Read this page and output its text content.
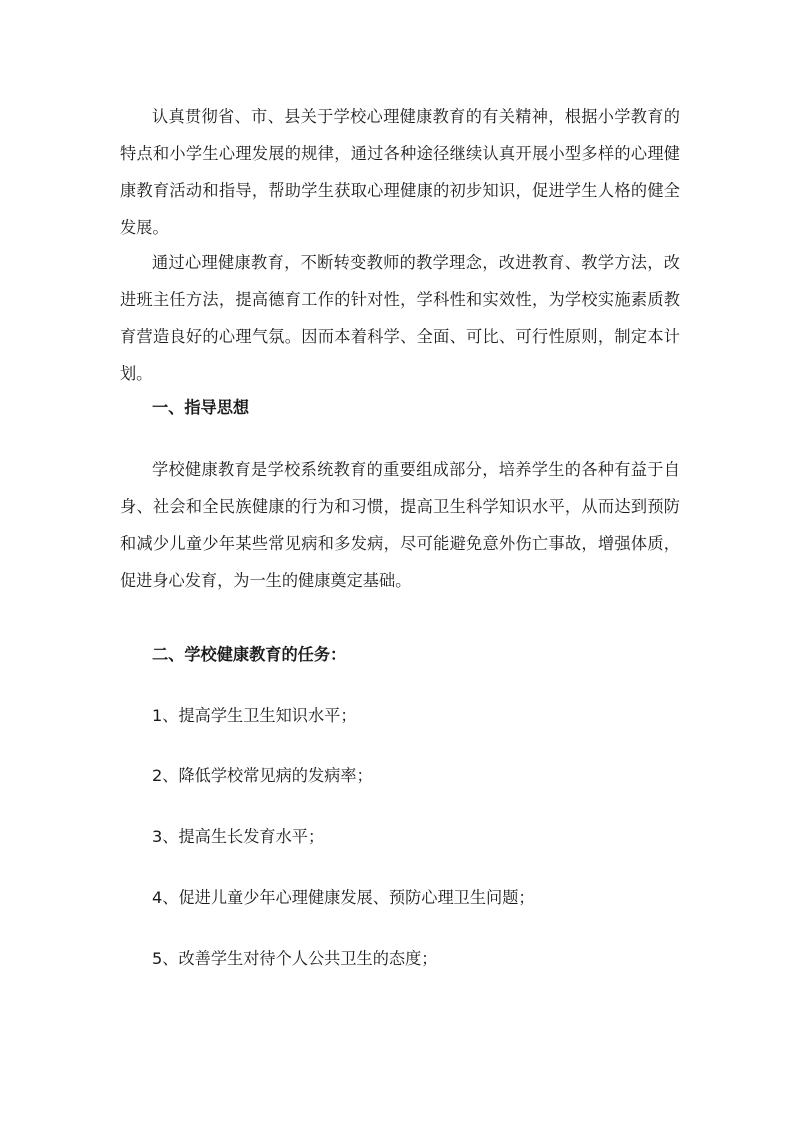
认真贯彻省、市、县关于学校心理健康教育的有关精神，根据小学教育的特点和小学生心理发展的规律，通过各种途径继续认真开展小型多样的心理健康教育活动和指导，帮助学生获取心理健康的初步知识，促进学生人格的健全发展。

通过心理健康教育，不断转变教师的教学理念，改进教育、教学方法，改进班主任方法，提高德育工作的针对性，学科性和实效性，为学校实施素质教育营造良好的心理气氛。因而本着科学、全面、可比、可行性原则，制定本计划。

一、指导思想

学校健康教育是学校系统教育的重要组成部分，培养学生的各种有益于自身、社会和全民族健康的行为和习惯，提高卫生科学知识水平，从而达到预防和减少儿童少年某些常见病和多发病，尽可能避免意外伤亡事故，增强体质，促进身心发育，为一生的健康奠定基础。

二、学校健康教育的任务：

1、提高学生卫生知识水平；

2、降低学校常见病的发病率；

3、提高生长发育水平；

4、促进儿童少年心理健康发展、预防心理卫生问题；

5、改善学生对待个人公共卫生的态度；
